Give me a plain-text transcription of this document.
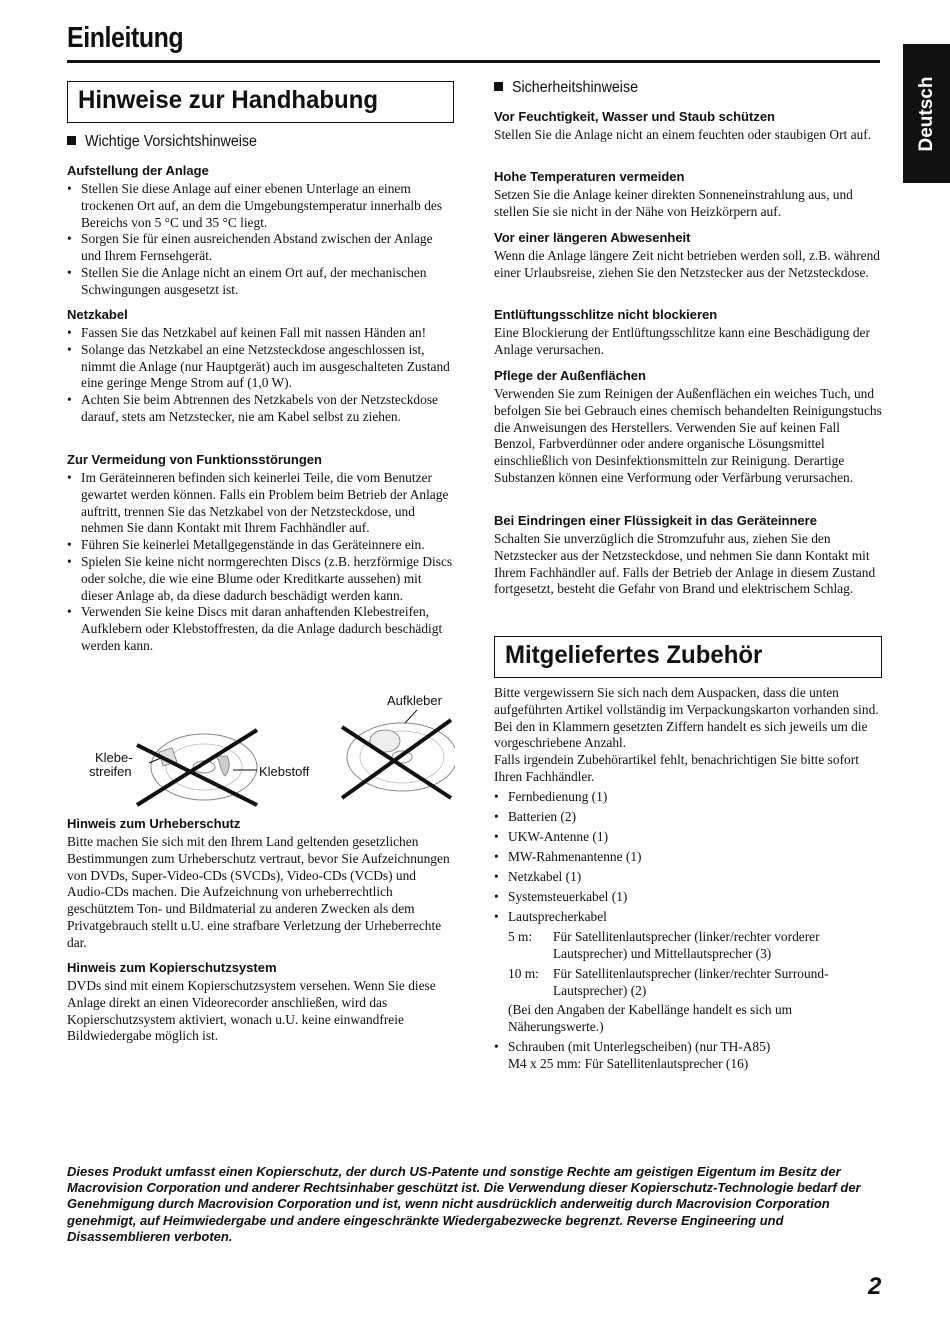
Einleitung
Deutsch
Hinweise zur Handhabung
Wichtige Vorsichtshinweise
Aufstellung der Anlage
• Stellen Sie diese Anlage auf einer ebenen Unterlage an einem trockenen Ort auf, an dem die Umgebungstemperatur innerhalb des Bereichs von 5 °C und 35 °C liegt.
• Sorgen Sie für einen ausreichenden Abstand zwischen der Anlage und Ihrem Fernsehgerät.
• Stellen Sie die Anlage nicht an einem Ort auf, der mechanischen Schwingungen ausgesetzt ist.
Netzkabel
• Fassen Sie das Netzkabel auf keinen Fall mit nassen Händen an!
• Solange das Netzkabel an eine Netzsteckdose angeschlossen ist, nimmt die Anlage (nur Hauptgerät) auch im ausgeschalteten Zustand eine geringe Menge Strom auf (1,0 W).
• Achten Sie beim Abtrennen des Netzkabels von der Netzsteckdose darauf, stets am Netzstecker, nie am Kabel selbst zu ziehen.
Zur Vermeidung von Funktionsstörungen
• Im Geräteinneren befinden sich keinerlei Teile, die vom Benutzer gewartet werden können. Falls ein Problem beim Betrieb der Anlage auftritt, trennen Sie das Netzkabel von der Netzsteckdose, und nehmen Sie dann Kontakt mit Ihrem Fachhändler auf.
• Führen Sie keinerlei Metallgegenstände in das Geräteinnere ein.
• Spielen Sie keine nicht normgerechten Discs (z.B. herzförmige Discs oder solche, die wie eine Blume oder Kreditkarte aussehen) mit dieser Anlage ab, da diese dadurch beschädigt werden kann.
• Verwenden Sie keine Discs mit daran anhaftenden Klebestreifen, Aufklebern oder Klebstoffresten, da die Anlage dadurch beschädigt werden kann.
Klebe-
streifen	Klebstoff
Aufkleber
Hinweis zum Urheberschutz

Bitte machen Sie sich mit den Ihrem Land geltenden gesetzlichen Bestimmungen zum Urheberschutz vertraut, bevor Sie Aufzeichnungen von DVDs, Super-Video-CDs (SVCDs), Video-CDs (VCDs) und Audio-CDs machen. Die Aufzeichnung von urheberrechtlich geschütztem Ton- und Bildmaterial zu anderen Zwecken als dem Privatgebrauch stellt u.U. eine strafbare Verletzung der Urheberrechte dar.

Hinweis zum Kopierschutzsystem

DVDs sind mit einem Kopierschutzsystem versehen. Wenn Sie diese Anlage direkt an einen Videorecorder anschließen, wird das Kopierschutzsystem aktiviert, wonach u.U. keine einwandfreie Bildwiedergabe möglich ist.

Sicherheitshinweise
Vor Feuchtigkeit, Wasser und Staub schützen

Stellen Sie die Anlage nicht an einem feuchten oder staubigen Ort auf.

Hohe Temperaturen vermeiden

Setzen Sie die Anlage keiner direkten Sonneneinstrahlung aus, und stellen Sie sie nicht in der Nähe von Heizkörpern auf.

Vor einer längeren Abwesenheit

Wenn die Anlage längere Zeit nicht betrieben werden soll, z.B. während einer Urlaubsreise, ziehen Sie den Netzstecker aus der Netzsteckdose.

Entlüftungsschlitze nicht blockieren

Eine Blockierung der Entlüftungsschlitze kann eine Beschädigung der Anlage verursachen.

Pflege der Außenflächen

Verwenden Sie zum Reinigen der Außenflächen ein weiches Tuch, und befolgen Sie bei Gebrauch eines chemisch behandelten Reinigungstuchs die Anweisungen des Herstellers. Verwenden Sie auf keinen Fall Benzol, Farbverdünner oder andere organische Lösungsmittel einschließlich von Desinfektionsmitteln zur Reinigung. Derartige Substanzen können eine Verformung oder Verfärbung verursachen.

Bei Eindringen einer Flüssigkeit in das Geräteinnere

Schalten Sie unverzüglich die Stromzufuhr aus, ziehen Sie den Netzstecker aus der Netzsteckdose, und nehmen Sie dann Kontakt mit Ihrem Fachhändler auf. Falls der Betrieb der Anlage in diesem Zustand fortgesetzt, besteht die Gefahr von Brand und elektrischem Schlag.

Mitgeliefertes Zubehör

Bitte vergewissern Sie sich nach dem Auspacken, dass die unten aufgeführten Artikel vollständig im Verpackungskarton vorhanden sind.

Bei den in Klammern gesetzten Ziffern handelt es sich jeweils um die vorgeschriebene Anzahl.

Falls irgendein Zubehörartikel fehlt, benachrichtigen Sie bitte sofort Ihren Fachhändler.

• Fernbedienung (1)
• Batterien (2)
• UKW-Antenne (1)
• MW-Rahmenantenne (1)
• Netzkabel (1)
• Systemsteuerkabel (1)
• Lautsprecherkabel
5 m: Für Satellitenlautsprecher (linker/rechter vorderer Lautsprecher) und Mittellautsprecher (3)
10 m: Für Satellitenlautsprecher (linker/rechter Surround-Lautsprecher) (2)
(Bei den Angaben der Kabellänge handelt es sich um Näherungswerte.)
• Schrauben (mit Unterlegscheiben) (nur TH-A85)
M4 x 25 mm: Für Satellitenlautsprecher (16)
Dieses Produkt umfasst einen Kopierschutz, der durch US-Patente und sonstige Rechte am geistigen Eigentum im Besitz der Macrovision Corporation und anderer Rechtsinhaber geschützt ist. Die Verwendung dieser Kopierschutz-Technologie bedarf der Genehmigung durch Macrovision Corporation und ist, wenn nicht ausdrücklich anderweitig durch Macrovision Corporation genehmigt, auf Heimwiedergabe und andere eingeschränkte Wiedergabezwecke begrenzt. Reverse Engineering und Disassemblieren verboten.
2
